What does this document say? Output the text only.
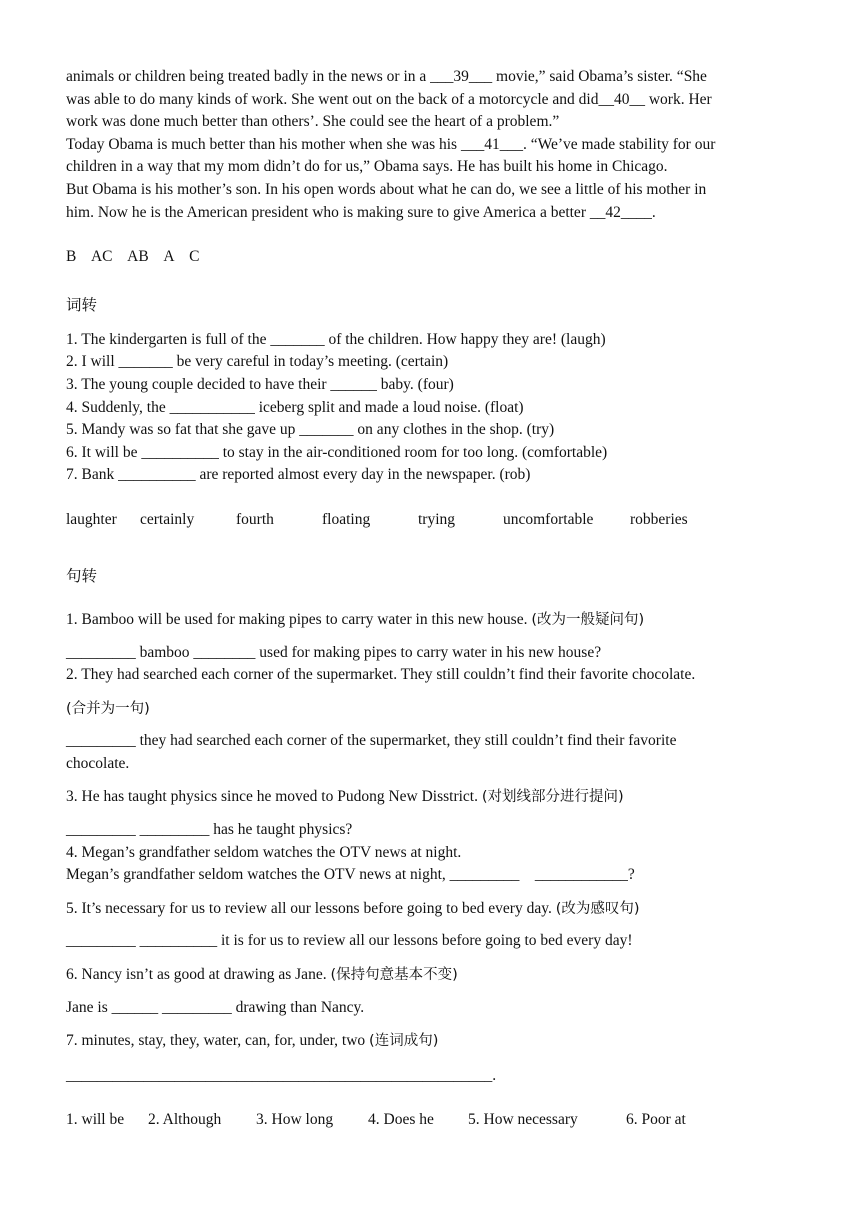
animals or children being treated badly in the news or in a ___39___ movie,” said Obama’s sister. “She

was able to do many kinds of work. She went out on the back of a motorcycle and did__40__ work. Her

work was done much better than others’. She could see the heart of a problem.”

Today Obama is much better than his mother when she was his ___41___. “We’ve made stability for our

children in a way that my mom didn’t do for us,” Obama says. He has built his home in Chicago.

But Obama is his mother’s son. In his open words about what he can do, we see a little of his mother in

him. Now he is the American president who is making sure to give America a better __42____.

B    AC    AB    A    C

词转

1. The kindergarten is full of the _______ of the children. How happy they are! (laugh)

2. I will _______ be very careful in today’s meeting. (certain)

3. The young couple decided to have their ______ baby. (four)

4. Suddenly, the ___________ iceberg split and made a loud noise. (float)

5. Mandy was so fat that she gave up _______ on any clothes in the shop. (try)

6. It will be __________ to stay in the air-conditioned room for too long. (comfortable)

7. Bank __________ are reported almost every day in the newspaper. (rob)

laughter	certainly	fourth	floating	trying	uncomfortable	robberies

句转

1. Bamboo will be used for making pipes to carry water in this new house. (改为一般疑问句)

_________ bamboo ________ used for making pipes to carry water in his new house?

2. They had searched each corner of the supermarket. They still couldn’t find their favorite chocolate.

(合并为一句)

_________ they had searched each corner of the supermarket, they still couldn’t find their favorite

chocolate.

3. He has taught physics since he moved to Pudong New Disstrict. (对划线部分进行提问)

_________ _________ has he taught physics?

4. Megan’s grandfather seldom watches the OTV news at night.

Megan’s grandfather seldom watches the OTV news at night, _________    ____________?

5. It’s necessary for us to review all our lessons before going to bed every day. (改为感叹句)

_________ __________ it is for us to review all our lessons before going to bed every day!

6. Nancy isn’t as good at drawing as Jane. (保持句意基本不变)

Jane is ______ _________ drawing than Nancy.

7. minutes, stay, they, water, can, for, under, two (连词成句)

_______________________________________________________.

1. will be	2. Although	3. How long	4. Does he	5. How necessary	6. Poor at
